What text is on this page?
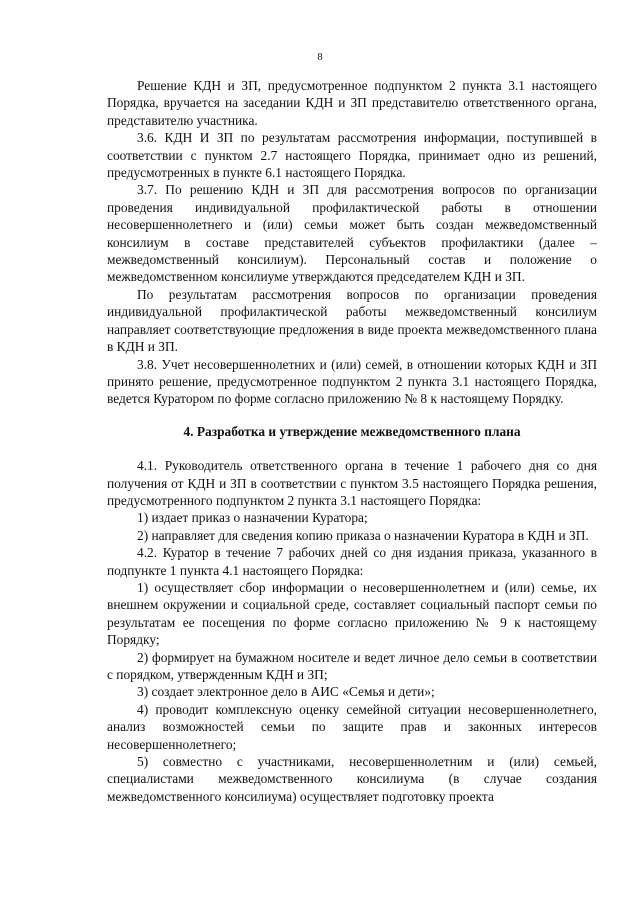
8

Решение КДН и ЗП, предусмотренное подпунктом 2 пункта 3.1 настоящего Порядка, вручается на заседании КДН и ЗП представителю ответственного органа, представителю участника.

3.6. КДН И ЗП по результатам рассмотрения информации, поступившей в соответствии с пунктом 2.7 настоящего Порядка, принимает одно из решений, предусмотренных в пункте 6.1 настоящего Порядка.

3.7. По решению КДН и ЗП для рассмотрения вопросов по организации проведения индивидуальной профилактической работы в отношении несовершеннолетнего и (или) семьи может быть создан межведомственный консилиум в составе представителей субъектов профилактики (далее – межведомственный консилиум). Персональный состав и положение о межведомственном консилиуме утверждаются председателем КДН и ЗП.

По результатам рассмотрения вопросов по организации проведения индивидуальной профилактической работы межведомственный консилиум направляет соответствующие предложения в виде проекта межведомственного плана в КДН и ЗП.

3.8. Учет несовершеннолетних и (или) семей, в отношении которых КДН и ЗП принято решение, предусмотренное подпунктом 2 пункта 3.1 настоящего Порядка, ведется Куратором по форме согласно приложению № 8 к настоящему Порядку.

4. Разработка и утверждение межведомственного плана

4.1. Руководитель ответственного органа в течение 1 рабочего дня со дня получения от КДН и ЗП в соответствии с пунктом 3.5 настоящего Порядка решения, предусмотренного подпунктом 2 пункта 3.1 настоящего Порядка:

1) издает приказ о назначении Куратора;

2) направляет для сведения копию приказа о назначении Куратора в КДН и ЗП.

4.2. Куратор в течение 7 рабочих дней со дня издания приказа, указанного в подпункте 1 пункта 4.1 настоящего Порядка:

1) осуществляет сбор информации о несовершеннолетнем и (или) семье, их внешнем окружении и социальной среде, составляет социальный паспорт семьи по результатам ее посещения по форме согласно приложению № 9 к настоящему Порядку;

2) формирует на бумажном носителе и ведет личное дело семьи в соответствии с порядком, утвержденным КДН и ЗП;

3) создает электронное дело в АИС «Семья и дети»;

4) проводит комплексную оценку семейной ситуации несовершеннолетнего, анализ возможностей семьи по защите прав и законных интересов несовершеннолетнего;

5) совместно с участниками, несовершеннолетним и (или) семьей, специалистами межведомственного консилиума (в случае создания межведомственного консилиума) осуществляет подготовку проекта
